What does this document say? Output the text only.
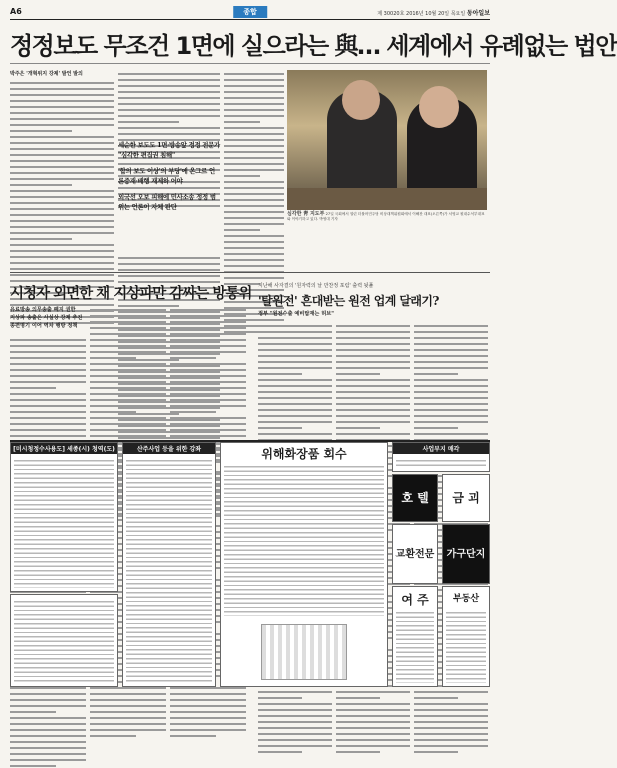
A6	종합	제 30020호 2016년 10월 20일 목요일 동아일보
정정보도 무조건 1면에 실으라는 與… 세계에서 유례없는 법안
박주은 '개혁위지 강제' 발언 발의
세순한 보도도 1면·방송앞 정정 전문가 "심각한 편집권 침해"
'합의 보도 이상'의 부당'에 온그르 언론중재·배행 재제하 어야
외국선 오보 피해에 민사소송 정정 범위는 언론이 자체 판단
심각한 靑 지도부 27일 국회에서 열린 더불어민주당 비상대책위원회에서 이해찬 대표(오른쪽)가 서영교 원내수석부대표와 이야기하고 있다. 박영대 기자
시청자 외면한 채 지상파만 감싸는 방통위
유료방송 의무송출 폐지 권한
지상파 송출은 사실상 강제 추진
종편명기 이어 역차 행방 정책
지난해 사자결의 '원자력의 날 만찬정 포럼' 출력 뒷풀
'탈원전' 흔대받는 원전 업계 달래기?
정부 "원전수출 예비탑재는 허브"
[미시청정수사용도] 세종(시) 청역(도)	산주사업 등을 위한 강좌	위해화장품 회수	사업부지 매각
호 텔	금 괴
교환전문	가구단지
여 주	부동산
